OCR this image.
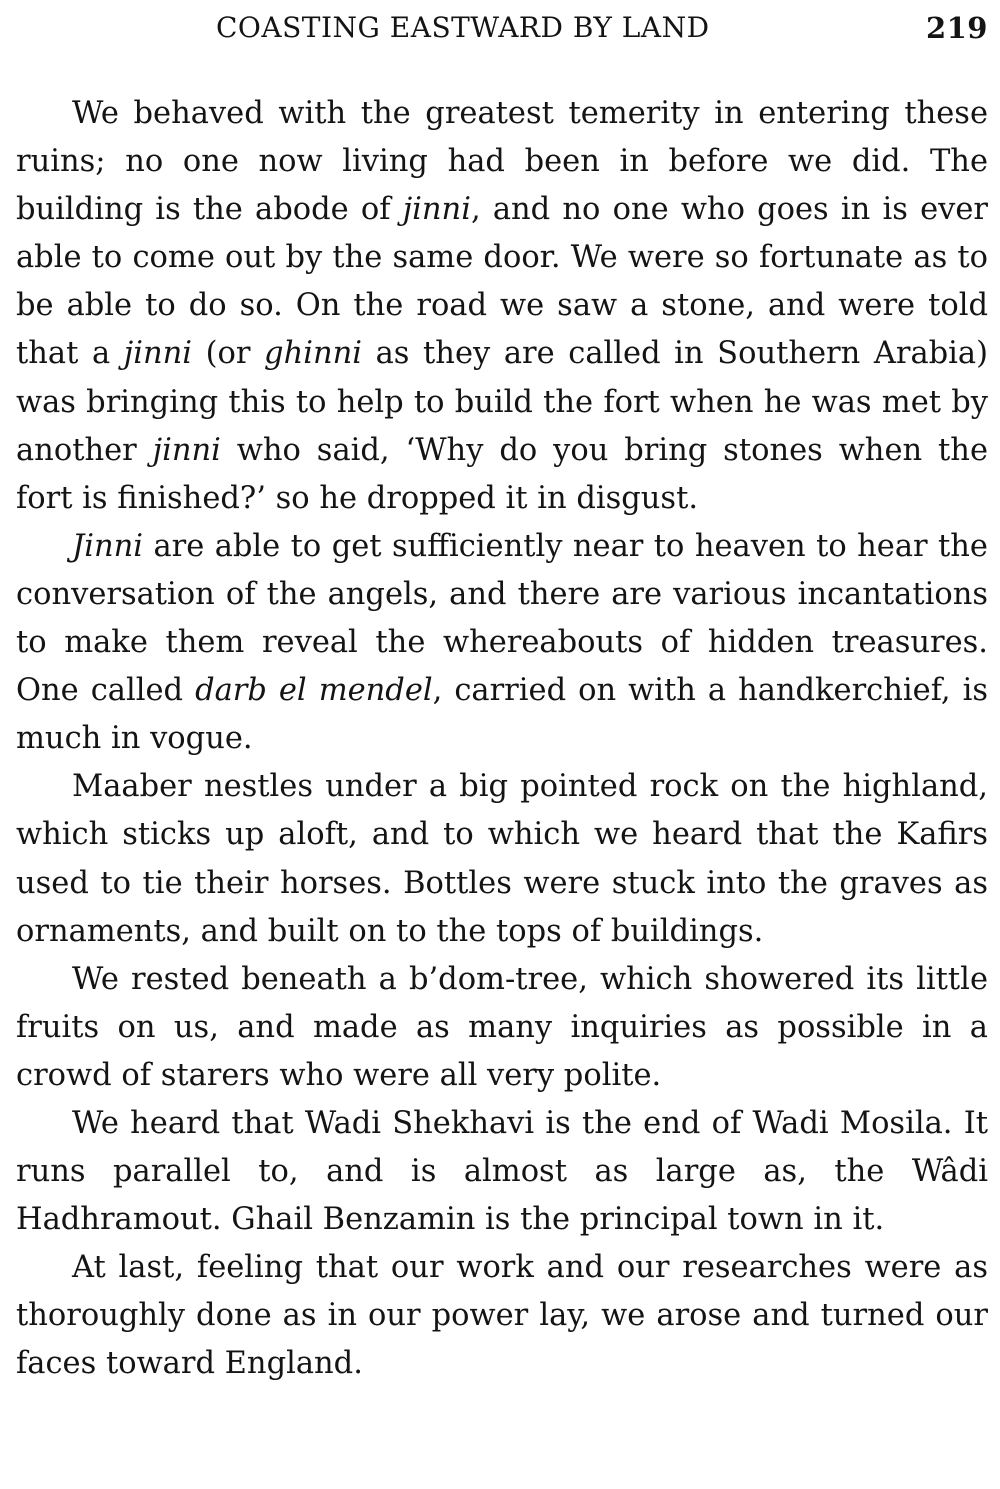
COASTING EASTWARD BY LAND	219

We behaved with the greatest temerity in entering these ruins; no one now living had been in before we did. The building is the abode of jinni, and no one who goes in is ever able to come out by the same door. We were so fortunate as to be able to do so. On the road we saw a stone, and were told that a jinni (or ghinni as they are called in Southern Arabia) was bringing this to help to build the fort when he was met by another jinni who said, ‘Why do you bring stones when the fort is finished?’ so he dropped it in disgust.

Jinni are able to get sufficiently near to heaven to hear the conversation of the angels, and there are various incantations to make them reveal the whereabouts of hidden treasures. One called darb el mendel, carried on with a handkerchief, is much in vogue.

Maaber nestles under a big pointed rock on the highland, which sticks up aloft, and to which we heard that the Kafirs used to tie their horses. Bottles were stuck into the graves as ornaments, and built on to the tops of buildings.

We rested beneath a b’dom-tree, which showered its little fruits on us, and made as many inquiries as possible in a crowd of starers who were all very polite.

We heard that Wadi Shekhavi is the end of Wadi Mosila. It runs parallel to, and is almost as large as, the Wâdi Hadhramout. Ghail Benzamin is the principal town in it.

At last, feeling that our work and our researches were as thoroughly done as in our power lay, we arose and turned our faces toward England.
